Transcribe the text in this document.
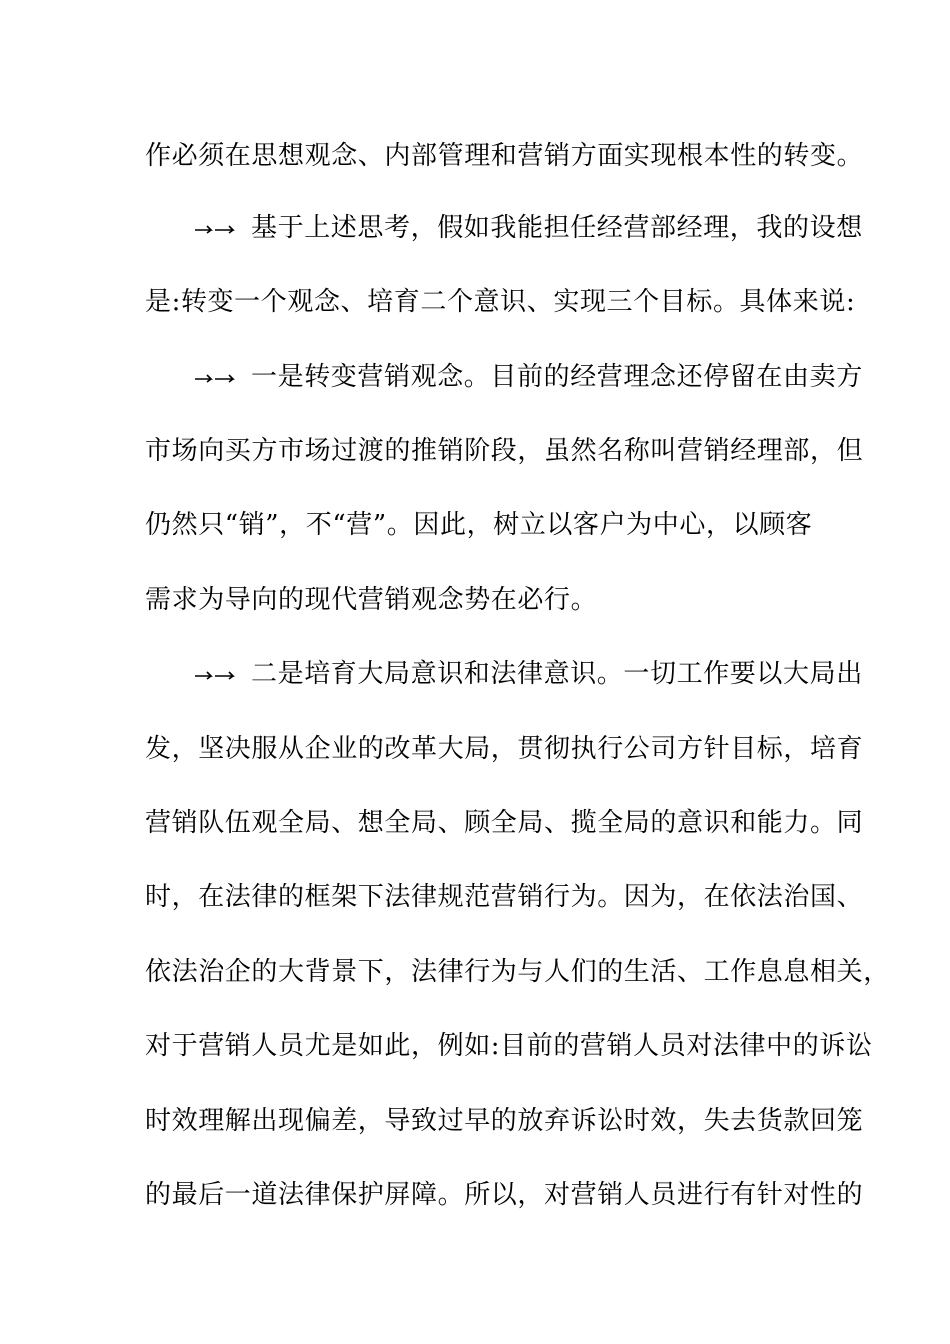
作必须在思想观念、内部管理和营销方面实现根本性的转变。
基于上述思考，假如我能担任经营部经理，我的设想
是:转变一个观念、培育二个意识、实现三个目标。具体来说:
一是转变营销观念。目前的经营理念还停留在由卖方
市场向买方市场过渡的推销阶段，虽然名称叫营销经理部，但
仍然只“销”，不“营”。因此，树立以客户为中心，以顾客
需求为导向的现代营销观念势在必行。
二是培育大局意识和法律意识。一切工作要以大局出
发，坚决服从企业的改革大局，贯彻执行公司方针目标，培育
营销队伍观全局、想全局、顾全局、揽全局的意识和能力。同
时，在法律的框架下法律规范营销行为。因为，在依法治国、
依法治企的大背景下，法律行为与人们的生活、工作息息相关，
对于营销人员尤是如此，例如:目前的营销人员对法律中的诉讼
时效理解出现偏差，导致过早的放弃诉讼时效，失去货款回笼
的最后一道法律保护屏障。所以，对营销人员进行有针对性的
